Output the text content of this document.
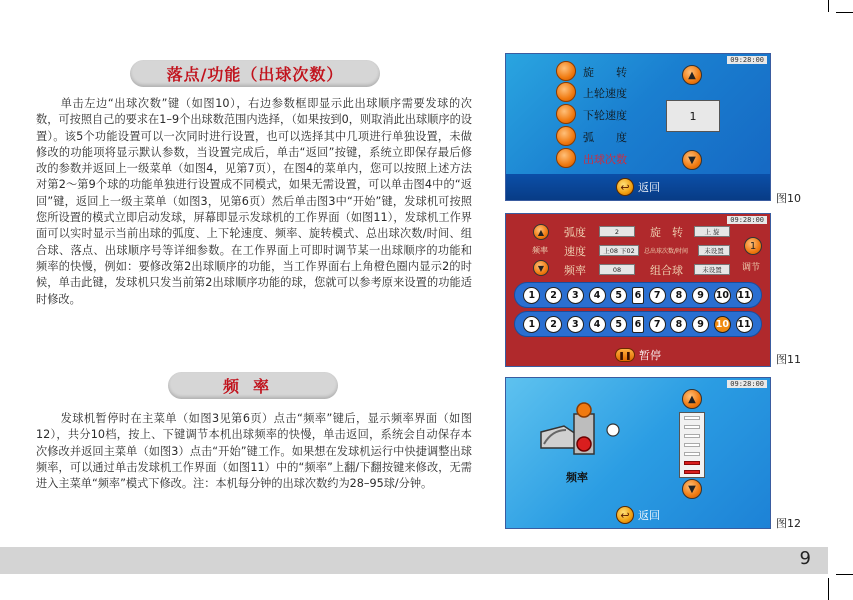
落点/功能（出球次数）
单击左边“出球次数”键（如图10），右边参数框即显示此出球顺序需要发球的次数，可按照自己的要求在1–9个出球数范围内选择，（如果按到0，则取消此出球顺序的设置）。该5个功能设置可以一次同时进行设置，也可以选择其中几项进行单独设置，未做修改的功能项将显示默认参数，当设置完成后，单击“返回”按键，系统立即保存最后修改的参数并返回上一级菜单（如图4，见第7页），在图4的菜单内，您可以按照上述方法对第2～第9个球的功能单独进行设置成不同模式，如果无需设置，可以单击图4中的“返回”键，返回上一级主菜单（如图3，见第6页）然后单击图3中“开始”键，发球机可按照您所设置的模式立即启动发球，屏幕即显示发球机的工作界面（如图11），发球机工作界面可以实时显示当前出球的弧度、上下轮速度、频率、旋转模式、总出球次数/时间、组合球、落点、出球顺序号等详细参数。在工作界面上可即时调节某一出球顺序的功能和频率的快慢，例如：要修改第2出球顺序的功能，当工作界面右上角橙色圈内显示2的时候，单击此键，发球机只发当前第2出球顺序功能的球，您就可以参考原来设置的功能适时修改。
频率
发球机暂停时在主菜单（如图3见第6页）点击“频率”键后，显示频率界面（如图12），共分10档，按上、下键调节本机出球频率的快慢，单击返回，系统会自动保存本次修改并返回主菜单（如图3）点击“开始”键工作。如果想在发球机运行中快捷调整出球频率，可以通过单击发球机工作界面（如图11）中的“频率”上翻/下翻按键来修改，无需进入主菜单“频率”模式下修改。注：本机每分钟的出球次数约为28–95球/分钟。
09:28:00
旋　　转
上轮速度
下轮速度
弧　　度
出球次数
▲
1
▼
↩ 返回
图10
09:28:00
▲
频率
▼
弧度	2	旋　转	上 旋
速度	上08 下02	总出球次数/时间	未设置
频率	08	组合球	未设置
1
调节
1	2	3	4	5	6	7	8	9	10 11
1	2	3	4	5	6	7	8	9	10 11
❚❚ 暂停	图11
09:28:00
频率
▲
▼
↩ 返回
图12
9
